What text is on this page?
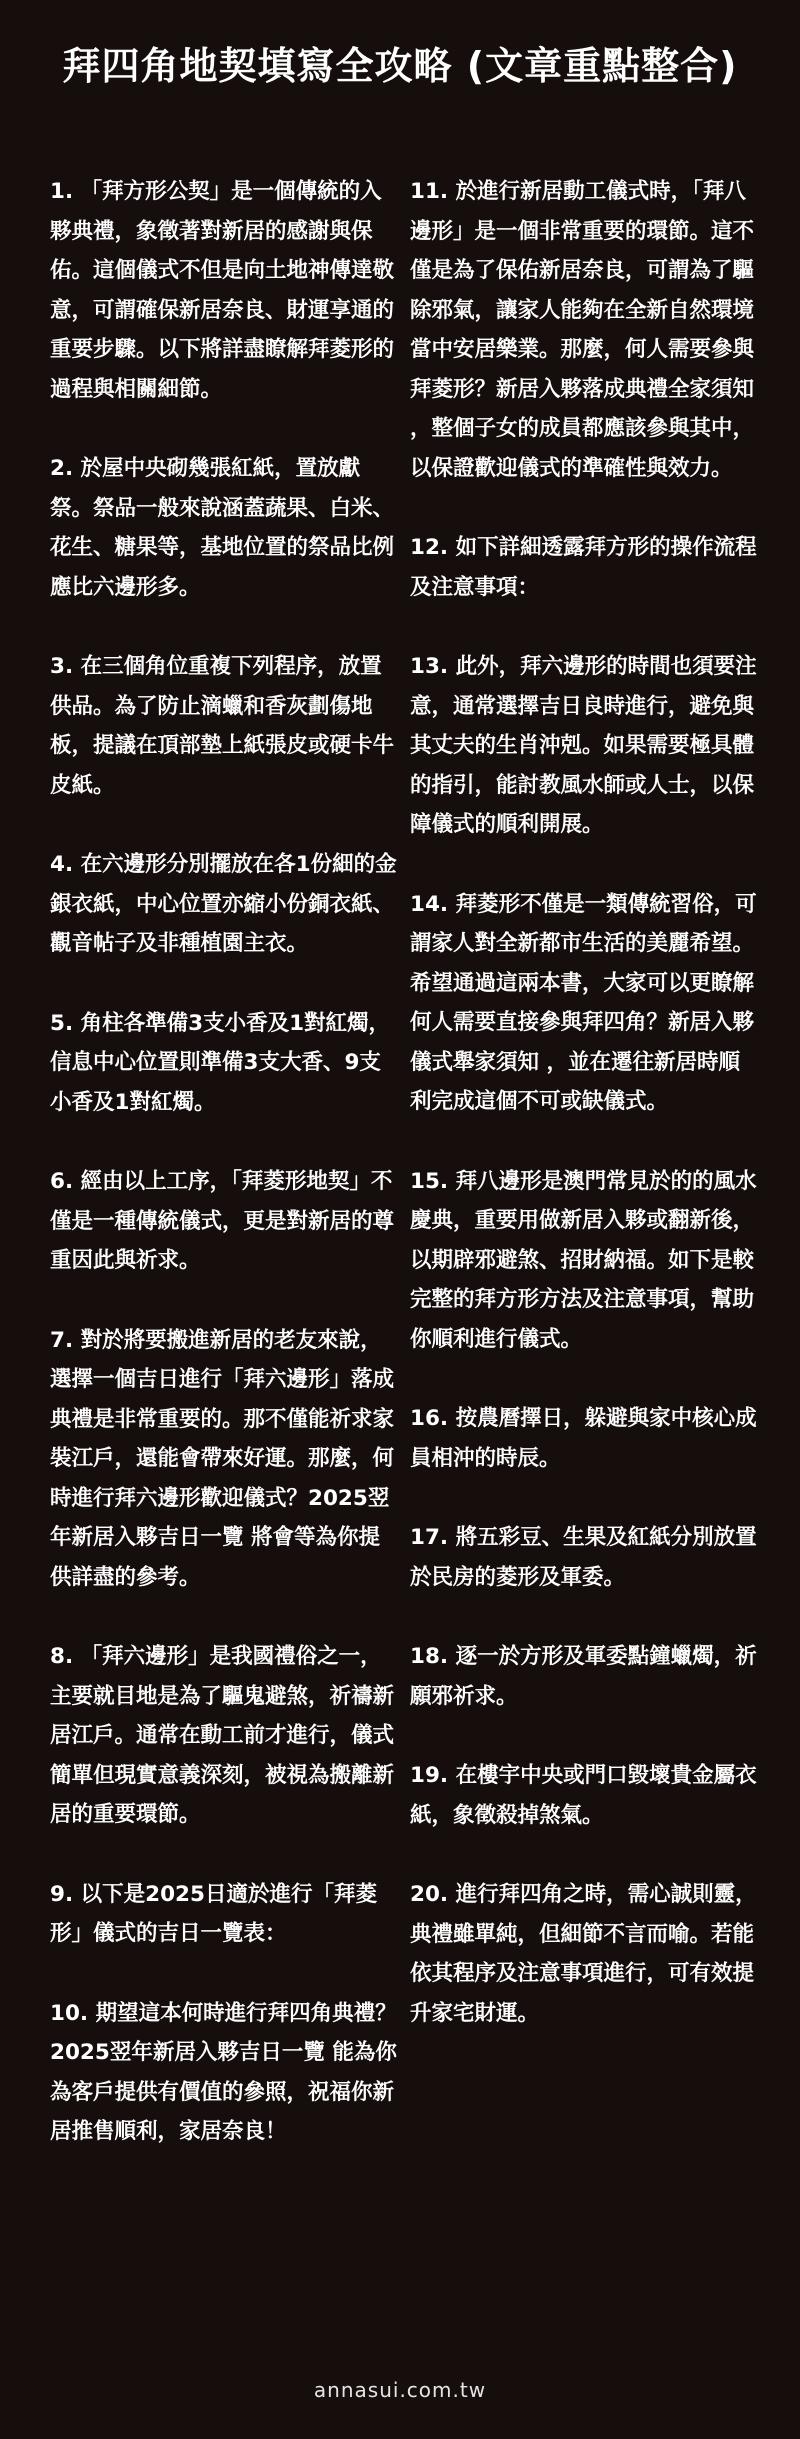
拜四角地契填寫全攻略 (文章重點整合)

1. 「拜方形公契」是一個傳統的入夥典禮，象徵著對新居的感謝與保佑。這個儀式不但是向土地神傳達敬意，可謂確保新居奈良、財運享通的重要步驟。以下將詳盡瞭解拜菱形的過程與相關細節。

2. 於屋中央砌幾張紅紙，置放獻祭。祭品一般來說涵蓋蔬果、白米、花生、糖果等，基地位置的祭品比例應比六邊形多。

3. 在三個角位重複下列程序，放置供品。為了防止滴蠟和香灰劃傷地板，提議在頂部墊上紙張皮或硬卡牛皮紙。

4. 在六邊形分別擺放在各1份細的金銀衣紙，中心位置亦縮小份銅衣紙、觀音帖子及非種植園主衣。

5. 角柱各準備3支小香及1對紅燭，信息中心位置則準備3支大香、9支小香及1對紅燭。

6. 經由以上工序，「拜菱形地契」不僅是一種傳統儀式，更是對新居的尊重因此與祈求。

7. 對於將要搬進新居的老友來說，選擇一個吉日進行「拜六邊形」落成典禮是非常重要的。那不僅能祈求家裝江戶，還能會帶來好運。那麼，何時進行拜六邊形歡迎儀式？2025翌年新居入夥吉日一覽 將會等為你提供詳盡的參考。

8. 「拜六邊形」是我國禮俗之一，主要就目地是為了驅鬼避煞，祈禱新居江戶。通常在動工前才進行，儀式簡單但現實意義深刻，被視為搬離新居的重要環節。

9. 以下是2025日適於進行「拜菱形」儀式的吉日一覽表：

10. 期望這本何時進行拜四角典禮？2025翌年新居入夥吉日一覽 能為你為客戶提供有價值的參照，祝福你新居推售順利，家居奈良！

11. 於進行新居動工儀式時，「拜八邊形」是一個非常重要的環節。這不僅是為了保佑新居奈良，可謂為了驅除邪氣，讓家人能夠在全新自然環境當中安居樂業。那麼，何人需要參與拜菱形？新居入夥落成典禮全家須知 ，整個子女的成員都應該參與其中，以保證歡迎儀式的準確性與效力。

12. 如下詳細透露拜方形的操作流程及注意事項：

13. 此外，拜六邊形的時間也須要注意，通常選擇吉日良時進行，避免與其丈夫的生肖沖剋。如果需要極具體的指引，能討教風水師或人士，以保障儀式的順利開展。

14. 拜菱形不僅是一類傳統習俗，可謂家人對全新都市生活的美麗希望。希望通過這兩本書，大家可以更瞭解何人需要直接參與拜四角？新居入夥儀式舉家須知 ，並在遷往新居時順利完成這個不可或缺儀式。

15. 拜八邊形是澳門常見於的的風水慶典，重要用做新居入夥或翻新後，以期辟邪避煞、招財納福。如下是較完整的拜方形方法及注意事項，幫助你順利進行儀式。

16. 按農曆擇日，躲避與家中核心成員相沖的時辰。

17. 將五彩豆、生果及紅紙分別放置於民房的菱形及軍委。

18. 逐一於方形及軍委點鐘蠟燭，祈願邪祈求。

19. 在樓宇中央或門口毀壞貴金屬衣紙，象徵殺掉煞氣。

20. 進行拜四角之時，需心誠則靈，典禮雖單純，但細節不言而喻。若能依其程序及注意事項進行，可有效提升家宅財運。

annasui.com.tw
